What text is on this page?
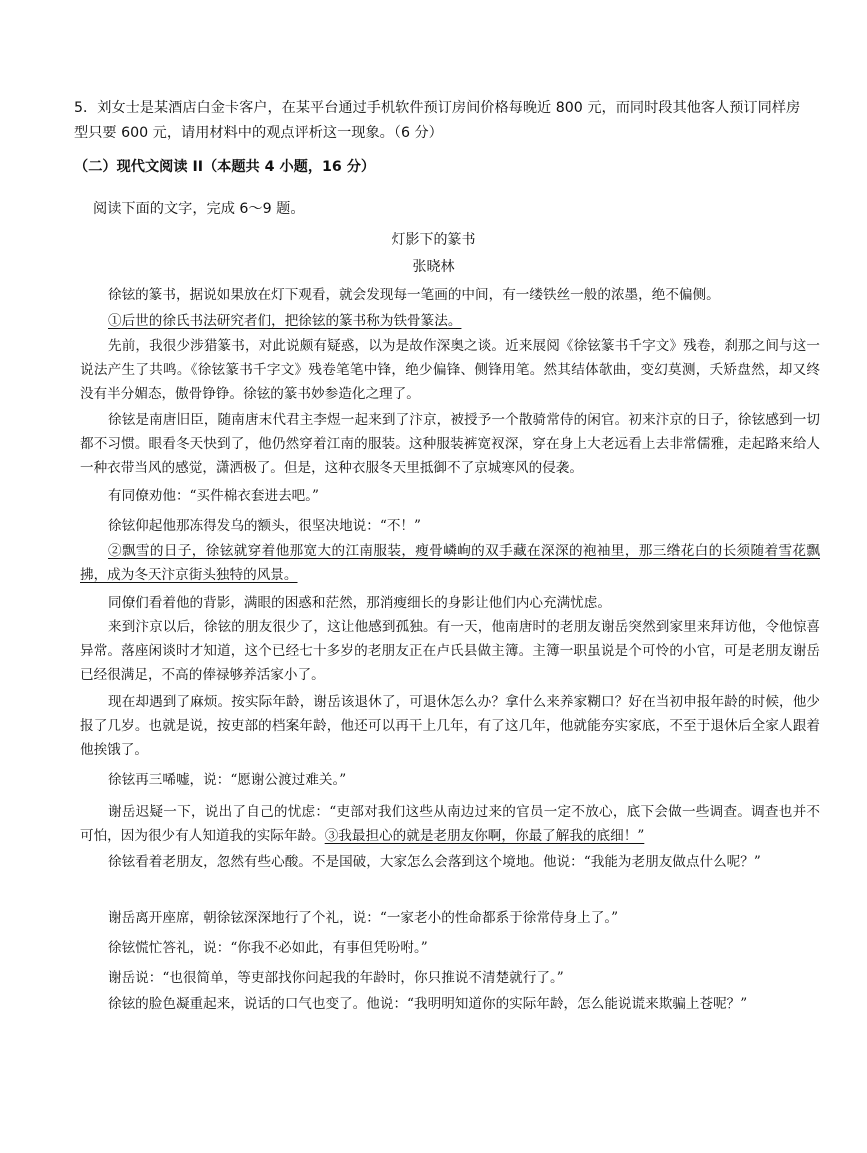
5．刘女士是某酒店白金卡客户，在某平台通过手机软件预订房间价格每晚近 800 元，而同时段其他客人预订同样房型只要 600 元，请用材料中的观点评析这一现象。（6 分）
（二）现代文阅读 II（本题共 4 小题，16 分）
阅读下面的文字，完成 6～9 题。
灯影下的篆书
张晓林

徐铉的篆书，据说如果放在灯下观看，就会发现每一笔画的中间，有一缕铁丝一般的浓墨，绝不偏侧。

①后世的徐氏书法研究者们，把徐铉的篆书称为铁骨篆法。

先前，我很少涉猎篆书，对此说颇有疑惑，以为是故作深奥之谈。近来展阅《徐铉篆书千字文》残卷，刹那之间与这一说法产生了共鸣。《徐铉篆书千字文》残卷笔笔中锋，绝少偏锋、侧锋用笔。然其结体欹曲，变幻莫测，夭矫盘然，却又终没有半分媚态，傲骨铮铮。徐铉的篆书妙参造化之理了。

徐铉是南唐旧臣，随南唐末代君主李煜一起来到了汴京，被授予一个散骑常侍的闲官。初来汴京的日子，徐铉感到一切都不习惯。眼看冬天快到了，他仍然穿着江南的服装。这种服装裤宽衩深，穿在身上大老远看上去非常儒雅，走起路来给人一种衣带当风的感觉，潇洒极了。但是，这种衣服冬天里抵御不了京城寒风的侵袭。

有同僚劝他：“买件棉衣套进去吧。”

徐铉仰起他那冻得发乌的额头，很坚决地说：“不！”

②飘雪的日子，徐铉就穿着他那宽大的江南服装，瘦骨嶙峋的双手藏在深深的袍袖里，那三绺花白的长须随着雪花飘拂，成为冬天汴京街头独特的风景。

同僚们看着他的背影，满眼的困惑和茫然，那消瘦细长的身影让他们内心充满忧虑。

来到汴京以后，徐铉的朋友很少了，这让他感到孤独。有一天，他南唐时的老朋友谢岳突然到家里来拜访他，令他惊喜异常。落座闲谈时才知道，这个已经七十多岁的老朋友正在卢氏县做主簿。主簿一职虽说是个可怜的小官，可是老朋友谢岳已经很满足，不高的俸禄够养活家小了。

现在却遇到了麻烦。按实际年龄，谢岳该退休了，可退休怎么办？拿什么来养家糊口？好在当初申报年龄的时候，他少报了几岁。也就是说，按吏部的档案年龄，他还可以再干上几年，有了这几年，他就能夯实家底，不至于退休后全家人跟着他挨饿了。

徐铉再三唏嘘，说：“愿谢公渡过难关。”

谢岳迟疑一下，说出了自己的忧虑：“吏部对我们这些从南边过来的官员一定不放心，底下会做一些调查。调查也并不可怕，因为很少有人知道我的实际年龄。③我最担心的就是老朋友你啊，你最了解我的底细！”

徐铉看着老朋友，忽然有些心酸。不是国破，大家怎么会落到这个境地。他说：“我能为老朋友做点什么呢？”

谢岳离开座席，朝徐铉深深地行了个礼，说：“一家老小的性命都系于徐常侍身上了。”

徐铉慌忙答礼，说：“你我不必如此，有事但凭吩咐。”

谢岳说：“也很简单，等吏部找你问起我的年龄时，你只推说不清楚就行了。”

徐铉的脸色凝重起来，说话的口气也变了。他说：“我明明知道你的实际年龄，怎么能说谎来欺骗上苍呢？”
